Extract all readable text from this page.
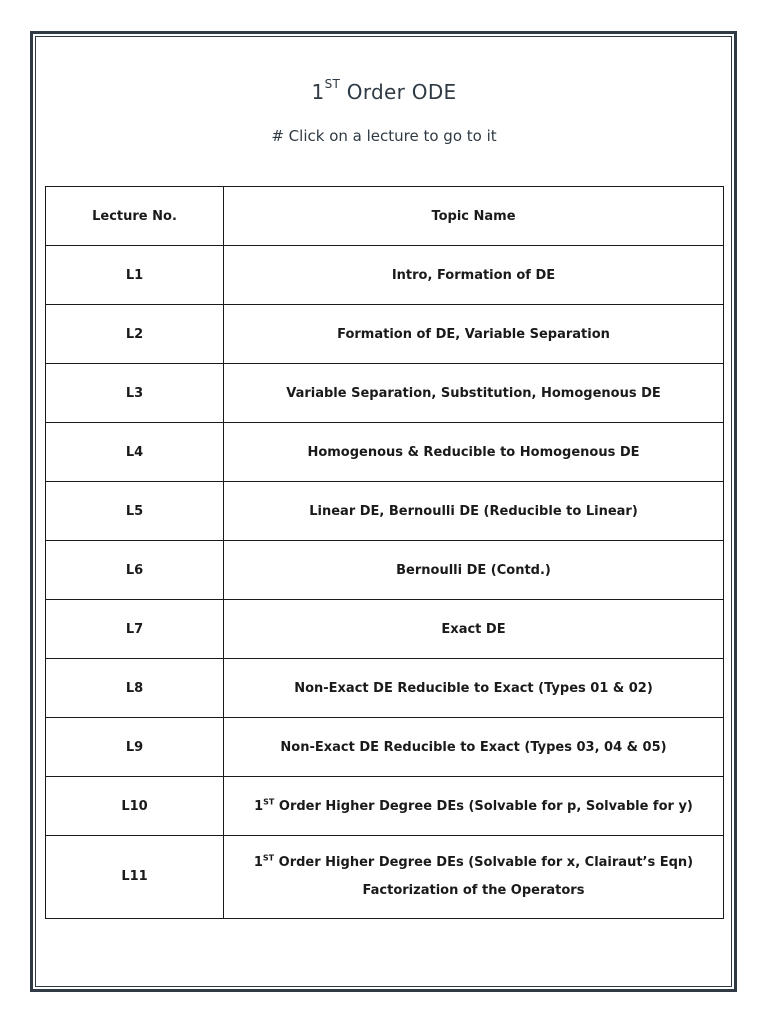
1ST Order ODE
# Click on a lecture to go to it
Lecture No.	Topic Name
L1	Intro, Formation of DE
L2	Formation of DE, Variable Separation
L3	Variable Separation, Substitution, Homogenous DE
L4	Homogenous & Reducible to Homogenous DE
L5	Linear DE, Bernoulli DE (Reducible to Linear)
L6	Bernoulli DE (Contd.)
L7	Exact DE
L8	Non-Exact DE Reducible to Exact (Types 01 & 02)
L9	Non-Exact DE Reducible to Exact (Types 03, 04 & 05)
L10	1ST Order Higher Degree DEs (Solvable for p, Solvable for y)
L11	1ST Order Higher Degree DEs (Solvable for x, Clairaut’s Eqn)
Factorization of the Operators
